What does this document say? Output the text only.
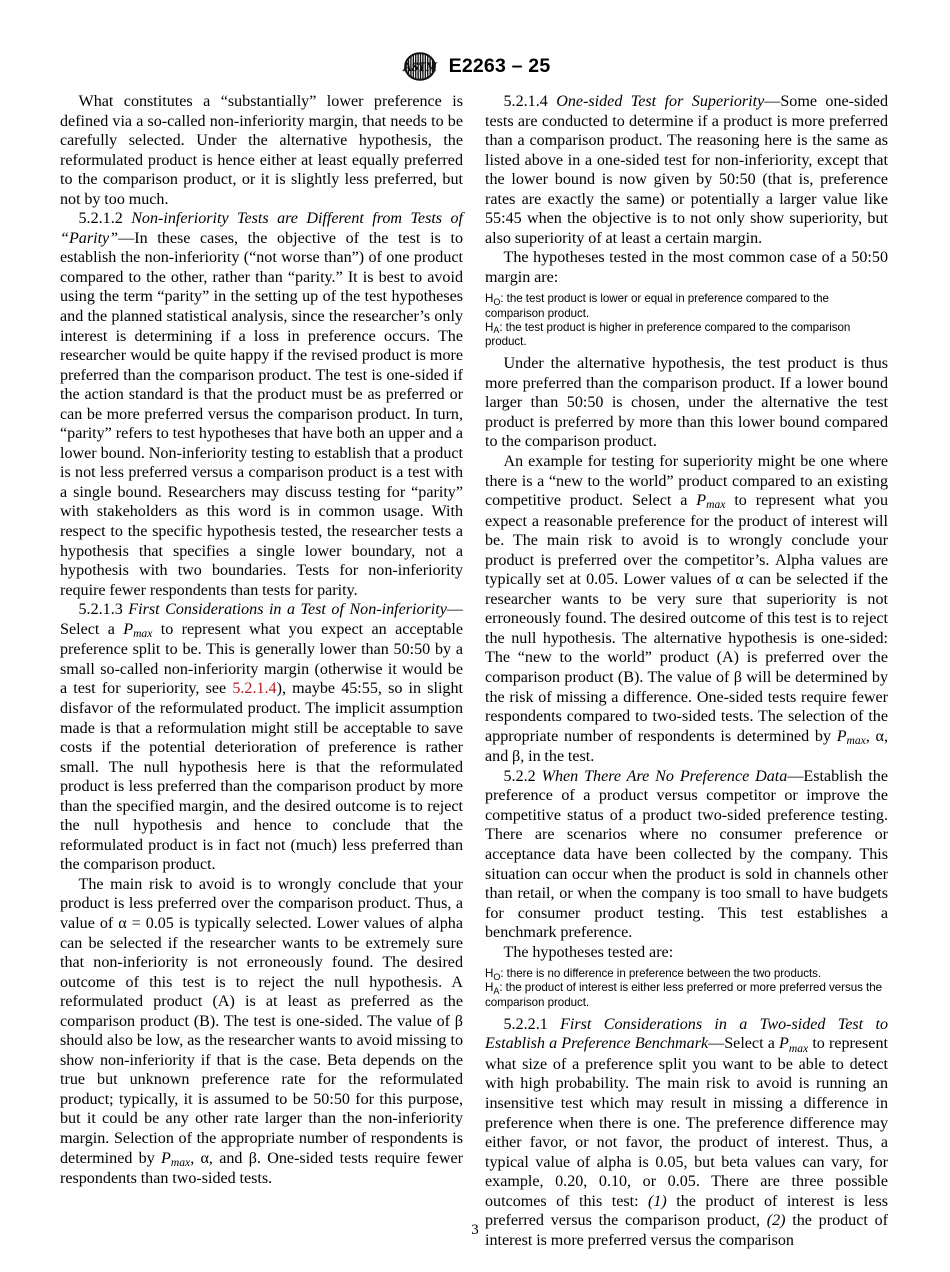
ASTM E2263 – 25

What constitutes a “substantially” lower preference is defined via a so-called non-inferiority margin, that needs to be carefully selected. Under the alternative hypothesis, the reformulated product is hence either at least equally preferred to the comparison product, or it is slightly less preferred, but not by too much.

5.2.1.2 Non-inferiority Tests are Different from Tests of “Parity”—In these cases, the objective of the test is to establish the non-inferiority (“not worse than”) of one product compared to the other, rather than “parity.” It is best to avoid using the term “parity” in the setting up of the test hypotheses and the planned statistical analysis, since the researcher’s only interest is determining if a loss in preference occurs. The researcher would be quite happy if the revised product is more preferred than the comparison product. The test is one-sided if the action standard is that the product must be as preferred or can be more preferred versus the comparison product. In turn, “parity” refers to test hypotheses that have both an upper and a lower bound. Non-inferiority testing to establish that a product is not less preferred versus a comparison product is a test with a single bound. Researchers may discuss testing for “parity” with stakeholders as this word is in common usage. With respect to the specific hypothesis tested, the researcher tests a hypothesis that specifies a single lower boundary, not a hypothesis with two boundaries. Tests for non-inferiority require fewer respondents than tests for parity.

5.2.1.3 First Considerations in a Test of Non-inferiority—Select a $P_{max}$ to represent what you expect an acceptable preference split to be. This is generally lower than 50:50 by a small so-called non-inferiority margin (otherwise it would be a test for superiority, see 5.2.1.4), maybe 45:55, so in slight disfavor of the reformulated product. The implicit assumption made is that a reformulation might still be acceptable to save costs if the potential deterioration of preference is rather small. The null hypothesis here is that the reformulated product is less preferred than the comparison product by more than the specified margin, and the desired outcome is to reject the null hypothesis and hence to conclude that the reformulated product is in fact not (much) less preferred than the comparison product.

The main risk to avoid is to wrongly conclude that your product is less preferred over the comparison product. Thus, a value of α = 0.05 is typically selected. Lower values of alpha can be selected if the researcher wants to be extremely sure that non-inferiority is not erroneously found. The desired outcome of this test is to reject the null hypothesis. A reformulated product (A) is at least as preferred as the comparison product (B). The test is one-sided. The value of β should also be low, as the researcher wants to avoid missing to show non-inferiority if that is the case. Beta depends on the true but unknown preference rate for the reformulated product; typically, it is assumed to be 50:50 for this purpose, but it could be any other rate larger than the non-inferiority margin. Selection of the appropriate number of respondents is determined by $P_{max}$, α, and β. One-sided tests require fewer respondents than two-sided tests.

5.2.1.4 One-sided Test for Superiority—Some one-sided tests are conducted to determine if a product is more preferred than a comparison product. The reasoning here is the same as listed above in a one-sided test for non-inferiority, except that the lower bound is now given by 50:50 (that is, preference rates are exactly the same) or potentially a larger value like 55:45 when the objective is to not only show superiority, but also superiority of at least a certain margin.

The hypotheses tested in the most common case of a 50:50 margin are:

$H_O$: the test product is lower or equal in preference compared to the comparison product.
$H_A$: the test product is higher in preference compared to the comparison product.

Under the alternative hypothesis, the test product is thus more preferred than the comparison product. If a lower bound larger than 50:50 is chosen, under the alternative the test product is preferred by more than this lower bound compared to the comparison product.

An example for testing for superiority might be one where there is a “new to the world” product compared to an existing competitive product. Select a $P_{max}$ to represent what you expect a reasonable preference for the product of interest will be. The main risk to avoid is to wrongly conclude your product is preferred over the competitor’s. Alpha values are typically set at 0.05. Lower values of α can be selected if the researcher wants to be very sure that superiority is not erroneously found. The desired outcome of this test is to reject the null hypothesis. The alternative hypothesis is one-sided: The “new to the world” product (A) is preferred over the comparison product (B). The value of β will be determined by the risk of missing a difference. One-sided tests require fewer respondents compared to two-sided tests. The selection of the appropriate number of respondents is determined by $P_{max}$, α, and β, in the test.

5.2.2 When There Are No Preference Data—Establish the preference of a product versus competitor or improve the competitive status of a product two-sided preference testing. There are scenarios where no consumer preference or acceptance data have been collected by the company. This situation can occur when the product is sold in channels other than retail, or when the company is too small to have budgets for consumer product testing. This test establishes a benchmark preference.

The hypotheses tested are:

$H_O$: there is no difference in preference between the two products.
$H_A$: the product of interest is either less preferred or more preferred versus the comparison product.

5.2.2.1 First Considerations in a Two-sided Test to Establish a Preference Benchmark—Select a $P_{max}$ to represent what size of a preference split you want to be able to detect with high probability. The main risk to avoid is running an insensitive test which may result in missing a difference in preference when there is one. The preference difference may either favor, or not favor, the product of interest. Thus, a typical value of alpha is 0.05, but beta values can vary, for example, 0.20, 0.10, or 0.05. There are three possible outcomes of this test: (1) the product of interest is less preferred versus the comparison product, (2) the product of interest is more preferred versus the comparison

3
